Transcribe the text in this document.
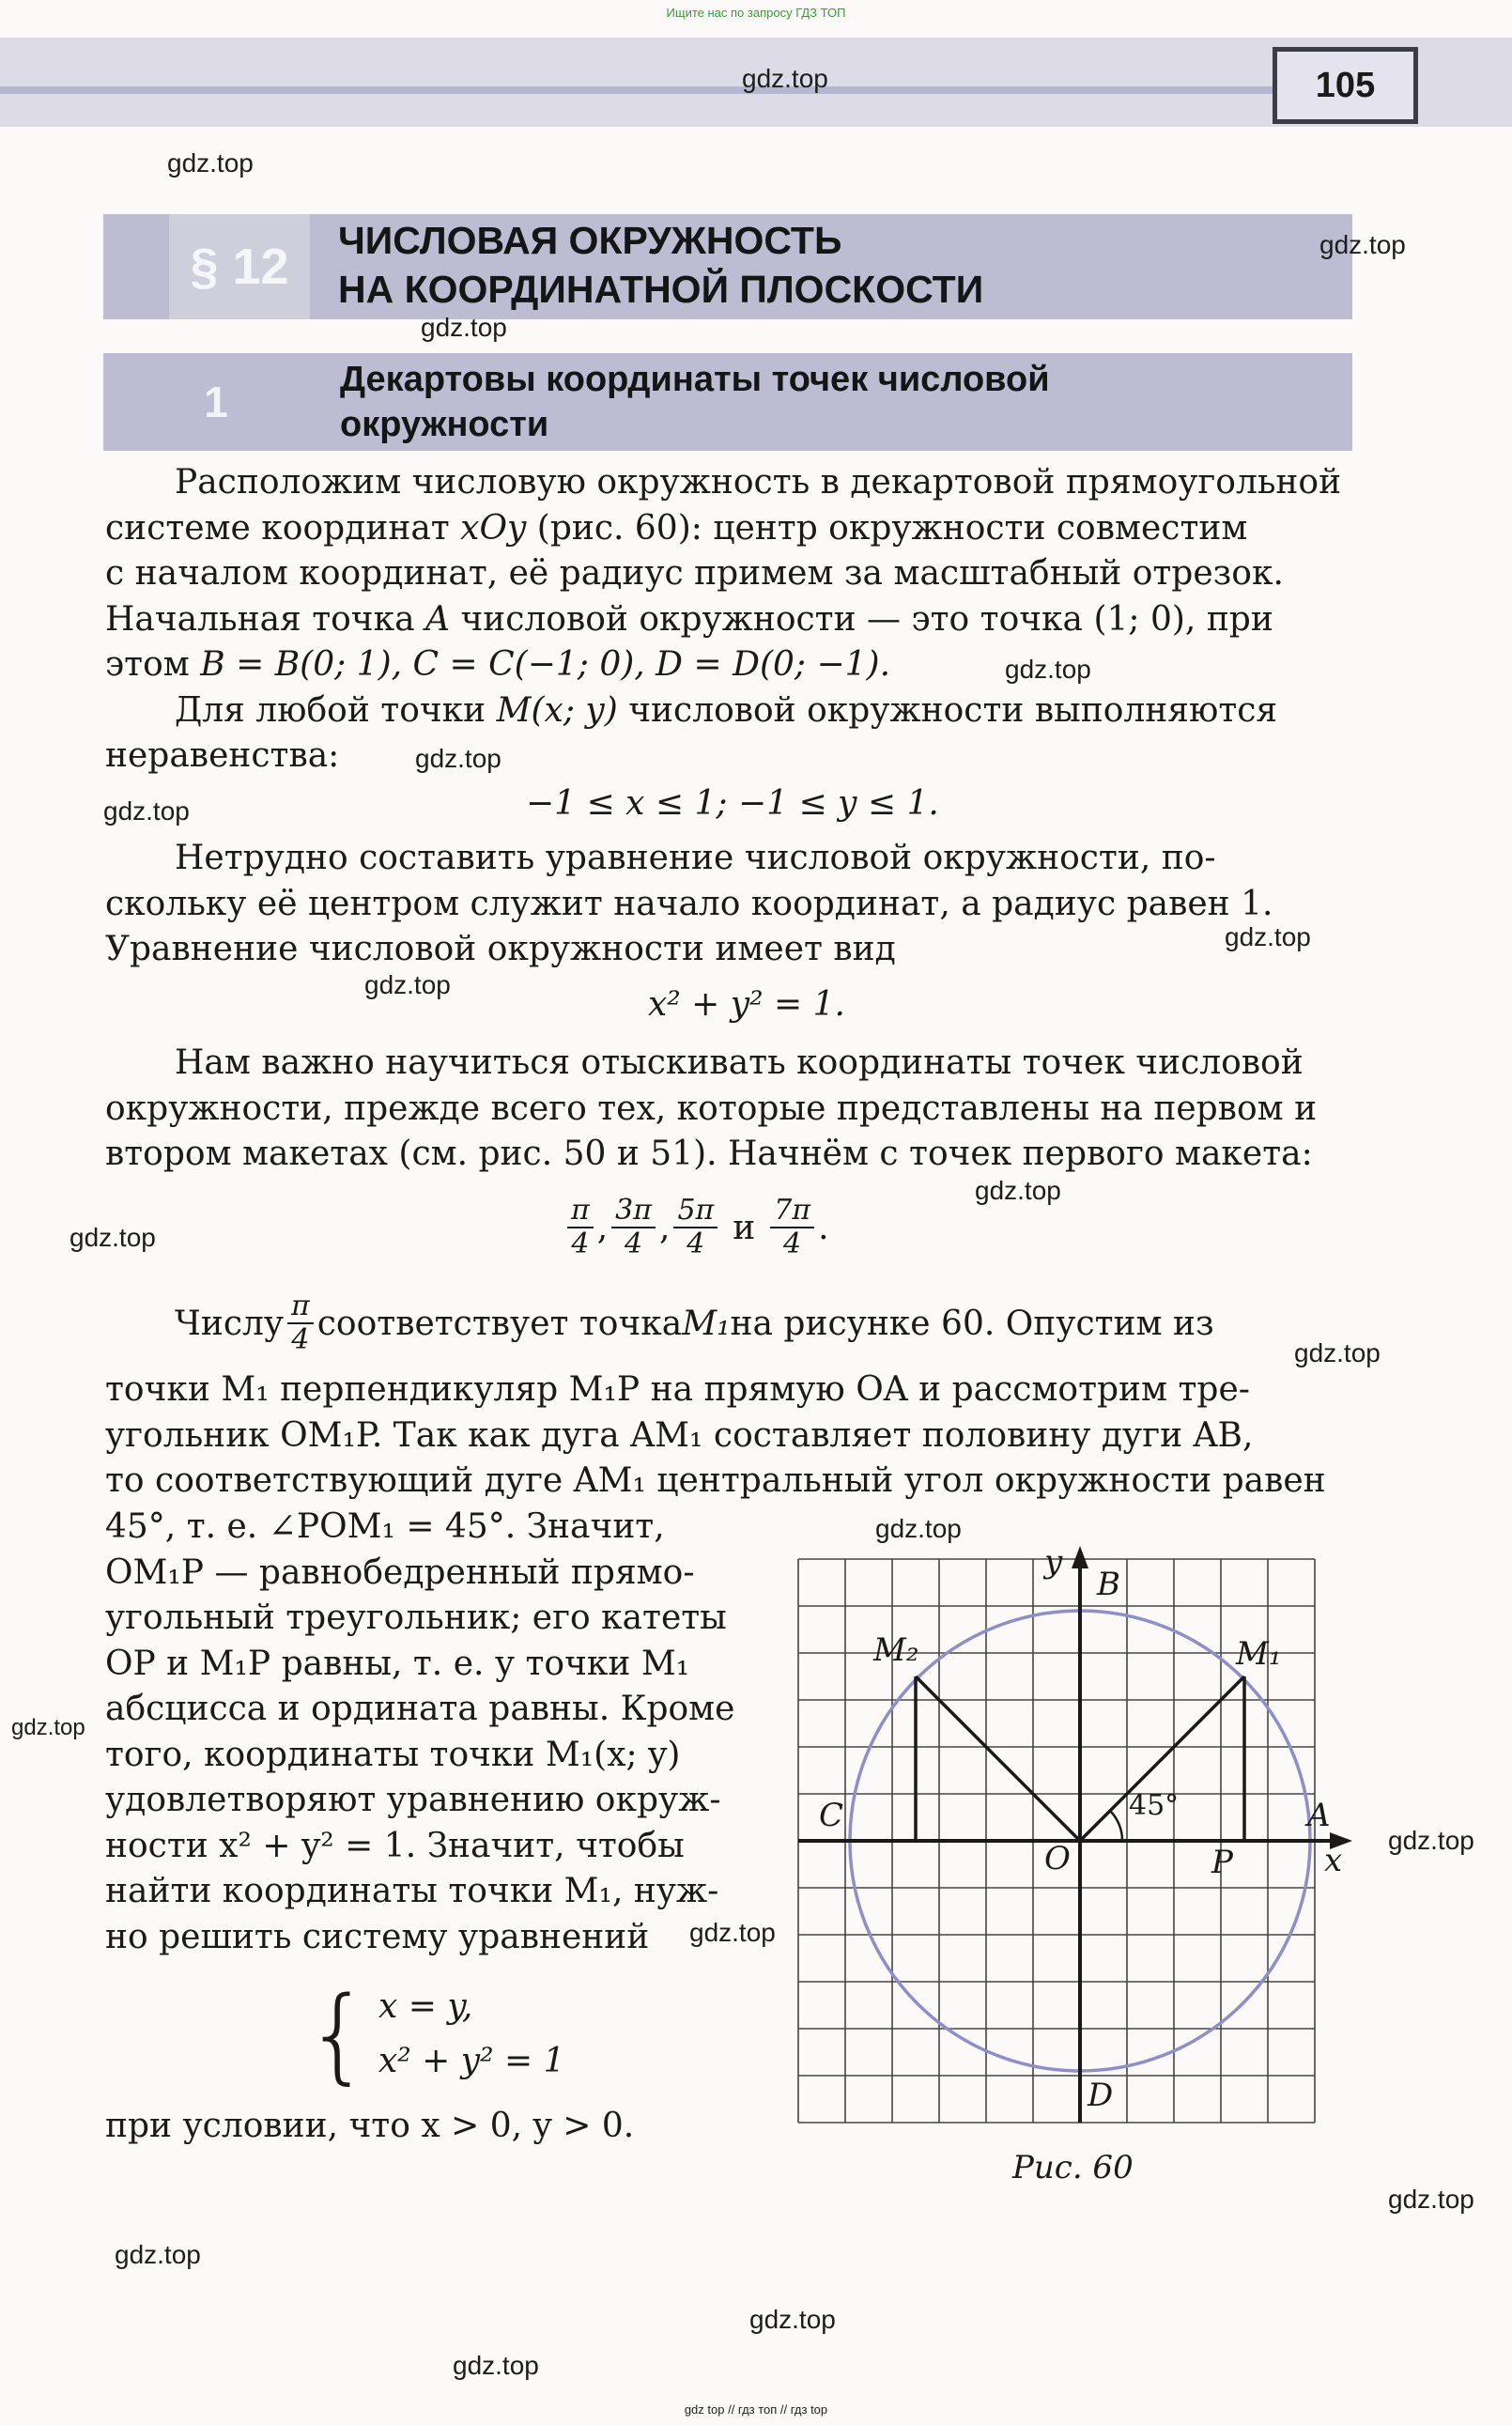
Ищите нас по запросу ГДЗ ТОП
105
§ 12	ЧИСЛОВАЯ ОКРУЖНОСТЬ
НА КООРДИНАТНОЙ ПЛОСКОСТИ
1	Декартовы координаты точек числовой
окружности
Расположим числовую окружность в декартовой прямоугольной
системе координат xOy (рис. 60): центр окружности совместим
с началом координат, её радиус примем за масштабный отрезок.
Начальная точка A числовой окружности — это точка (1; 0), при
этом B = B(0; 1), C = C(−1; 0), D = D(0; −1).
Для любой точки M(x; y) числовой окружности выполняются
неравенства:
−1 ≤ x ≤ 1; −1 ≤ y ≤ 1.
Нетрудно составить уравнение числовой окружности, по-
скольку её центром служит начало координат, а радиус равен 1.
Уравнение числовой окружности имеет вид
x² + y² = 1.
Нам важно научиться отыскивать координаты точек числовой
окружности, прежде всего тех, которые представлены на первом и
втором макетах (см. рис. 50 и 51). Начнём с точек первого макета:
$\frac{\pi}{4}$ , $\frac{3\pi}{4}$ , $\frac{5\pi}{4}$ и $\frac{7\pi}{4}$ .
Числу $\frac{\pi}{4}$ соответствует точка M₁ на рисунке 60. Опустим из
точки M₁ перпендикуляр M₁P на прямую OA и рассмотрим тре-
угольник OM₁P. Так как дуга AM₁ составляет половину дуги AB,
то соответствующий дуге AM₁ центральный угол окружности равен
45°, т. е. ∠POM₁ = 45°. Значит,
OM₁P — равнобедренный прямо-
угольный треугольник; его катеты
OP и M₁P равны, т. е. у точки M₁
абсцисса и ордината равны. Кроме
того, координаты точки M₁(x; y)
удовлетворяют уравнению окруж-
ности x² + y² = 1. Значит, чтобы
найти координаты точки M₁, нуж-
но решить систему уравнений
{ x = y,
x² + y² = 1
при условии, что x > 0, y > 0.
y
B
x
A
C
D
O	P
M₁
M₂
45°
Рис. 60
gdz.top
gdz.top
gdz.top
gdz.top
gdz.top
gdz.top
gdz.top
gdz.top
gdz.top
gdz.top
gdz.top
gdz.top
gdz.top
gdz.top
gdz.top
gdz.top
gdz.top
gdz.top
gdz.top
gdz.top
gdz top // гдз топ // гдз top
